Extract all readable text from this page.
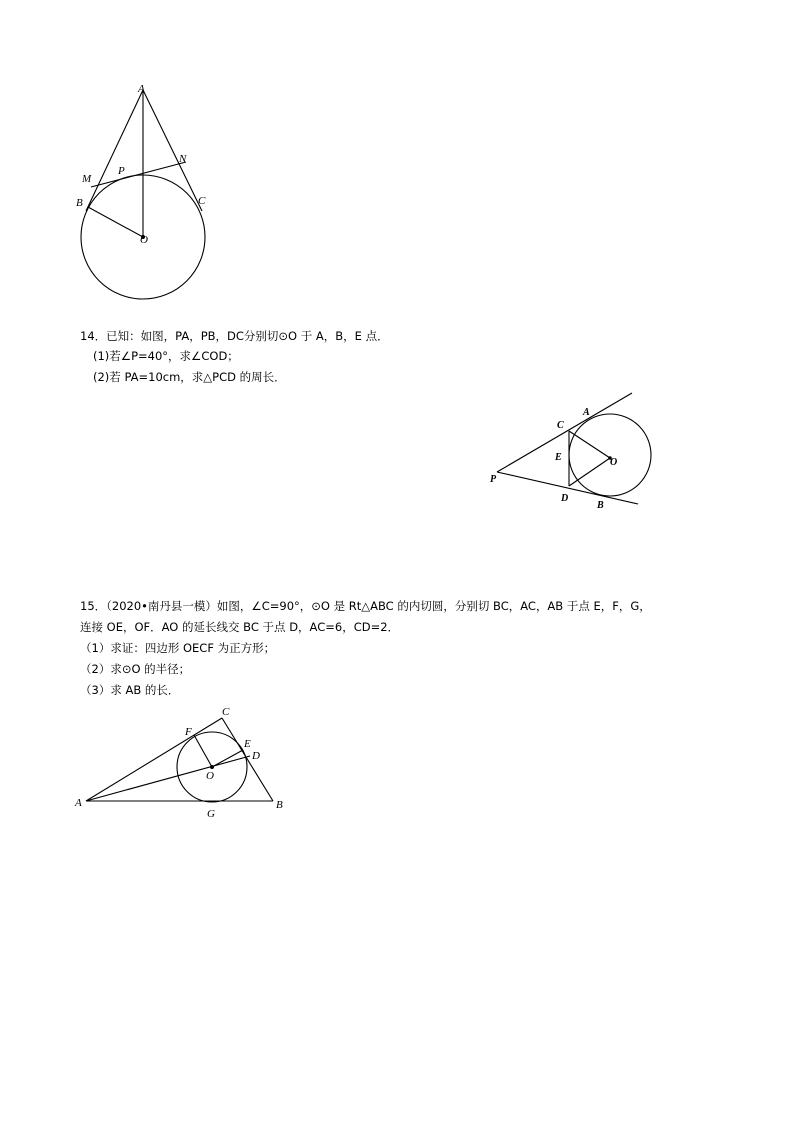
A
M
P
N
B	C
O
14．已知：如图，PA，PB，DC分别切⊙O 于 A，B，E 点．
(1)若∠P=40°，求∠COD；
(2)若 PA=10cm，求△PCD 的周长．
C
A
E	O
P
D
B
15．（2020•南丹县一模）如图，∠C=90°，⊙O 是 Rt△ABC 的内切圆，分别切 BC，AC，AB 于点 E，F，G，
连接 OE，OF．AO 的延长线交 BC 于点 D，AC=6，CD=2．
（1）求证：四边形 OECF 为正方形；
（2）求⊙O 的半径；
（3）求 AB 的长．
C
F
E
D
O
A
G
B
